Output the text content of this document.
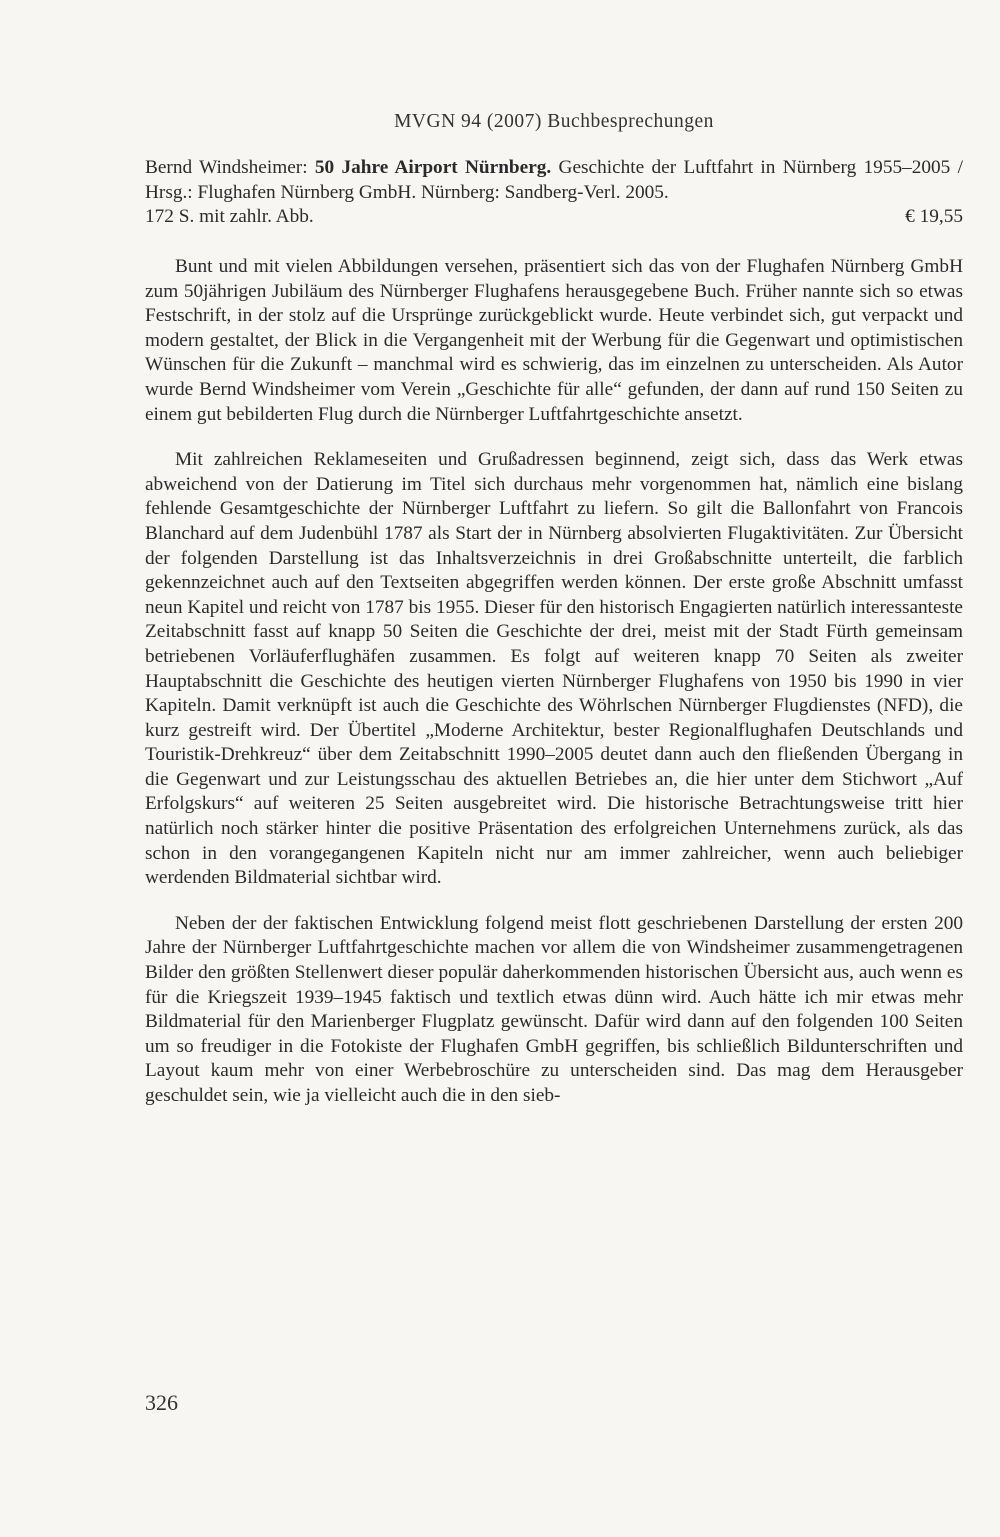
MVGN 94 (2007) Buchbesprechungen
Bernd Windsheimer: 50 Jahre Airport Nürnberg. Geschichte der Luftfahrt in Nürnberg 1955–2005 / Hrsg.: Flughafen Nürnberg GmbH. Nürnberg: Sandberg-Verl. 2005.
172 S. mit zahlr. Abb.	€ 19,55

Bunt und mit vielen Abbildungen versehen, präsentiert sich das von der Flughafen Nürnberg GmbH zum 50jährigen Jubiläum des Nürnberger Flughafens herausgegebene Buch. Früher nannte sich so etwas Festschrift, in der stolz auf die Ursprünge zurückgeblickt wurde. Heute verbindet sich, gut verpackt und modern gestaltet, der Blick in die Vergangenheit mit der Werbung für die Gegenwart und optimistischen Wünschen für die Zukunft – manchmal wird es schwierig, das im einzelnen zu unterscheiden. Als Autor wurde Bernd Windsheimer vom Verein „Geschichte für alle“ gefunden, der dann auf rund 150 Seiten zu einem gut bebilderten Flug durch die Nürnberger Luftfahrtgeschichte ansetzt.

Mit zahlreichen Reklameseiten und Grußadressen beginnend, zeigt sich, dass das Werk etwas abweichend von der Datierung im Titel sich durchaus mehr vorgenommen hat, nämlich eine bislang fehlende Gesamtgeschichte der Nürnberger Luftfahrt zu liefern. So gilt die Ballonfahrt von Francois Blanchard auf dem Judenbühl 1787 als Start der in Nürnberg absolvierten Flugaktivitäten. Zur Übersicht der folgenden Darstellung ist das Inhaltsverzeichnis in drei Großabschnitte unterteilt, die farblich gekennzeichnet auch auf den Textseiten abgegriffen werden können. Der erste große Abschnitt umfasst neun Kapitel und reicht von 1787 bis 1955. Dieser für den historisch Engagierten natürlich interessanteste Zeitabschnitt fasst auf knapp 50 Seiten die Geschichte der drei, meist mit der Stadt Fürth gemeinsam betriebenen Vorläuferflughäfen zusammen. Es folgt auf weiteren knapp 70 Seiten als zweiter Hauptabschnitt die Geschichte des heutigen vierten Nürnberger Flughafens von 1950 bis 1990 in vier Kapiteln. Damit verknüpft ist auch die Geschichte des Wöhrlschen Nürnberger Flugdienstes (NFD), die kurz gestreift wird. Der Übertitel „Moderne Architektur, bester Regionalflughafen Deutschlands und Touristik-Drehkreuz“ über dem Zeitabschnitt 1990–2005 deutet dann auch den fließenden Übergang in die Gegenwart und zur Leistungsschau des aktuellen Betriebes an, die hier unter dem Stichwort „Auf Erfolgskurs“ auf weiteren 25 Seiten ausgebreitet wird. Die historische Betrachtungsweise tritt hier natürlich noch stärker hinter die positive Präsentation des erfolgreichen Unternehmens zurück, als das schon in den vorangegangenen Kapiteln nicht nur am immer zahlreicher, wenn auch beliebiger werdenden Bildmaterial sichtbar wird.

Neben der der faktischen Entwicklung folgend meist flott geschriebenen Darstellung der ersten 200 Jahre der Nürnberger Luftfahrtgeschichte machen vor allem die von Windsheimer zusammengetragenen Bilder den größten Stellenwert dieser populär daherkommenden historischen Übersicht aus, auch wenn es für die Kriegszeit 1939–1945 faktisch und textlich etwas dünn wird. Auch hätte ich mir etwas mehr Bildmaterial für den Marienberger Flugplatz gewünscht. Dafür wird dann auf den folgenden 100 Seiten um so freudiger in die Fotokiste der Flughafen GmbH gegriffen, bis schließlich Bildunterschriften und Layout kaum mehr von einer Werbebroschüre zu unterscheiden sind. Das mag dem Herausgeber geschuldet sein, wie ja vielleicht auch die in den sieb-

326
